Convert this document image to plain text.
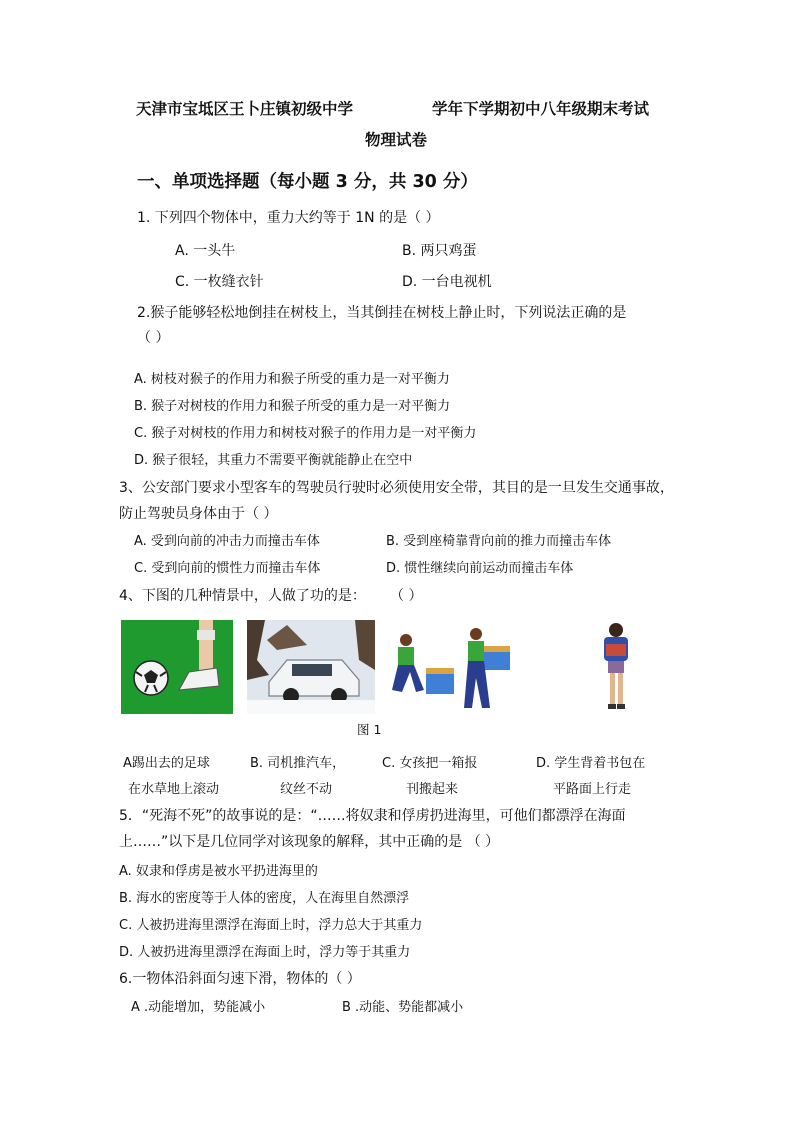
天津市宝坻区王卜庄镇初级中学	学年下学期初中八年级期末考试
物理试卷
一、单项选择题（每小题 3 分，共 30 分）
1. 下列四个物体中，重力大约等于 1N 的是（ ）
A. 一头牛	B. 两只鸡蛋
C. 一枚缝衣针	D. 一台电视机
2.猴子能够轻松地倒挂在树枝上，当其倒挂在树枝上静止时，下列说法正确的是
（ ）
A. 树枝对猴子的作用力和猴子所受的重力是一对平衡力
B. 猴子对树枝的作用力和猴子所受的重力是一对平衡力
C. 猴子对树枝的作用力和树枝对猴子的作用力是一对平衡力
D. 猴子很轻，其重力不需要平衡就能静止在空中
3、公安部门要求小型客车的驾驶员行驶时必须使用安全带，其目的是一旦发生交通事故，
防止驾驶员身体由于（ ）
A. 受到向前的冲击力而撞击车体	B. 受到座椅靠背向前的推力而撞击车体
C. 受到向前的惯性力而撞击车体	D. 惯性继续向前运动而撞击车体
4、下图的几种情景中，人做了功的是： （ ）
图 1
A踢出去的足球
在水草地上滚动
B. 司机推汽车，
纹丝不动
C. 女孩把一箱报
刊搬起来
D. 学生背着书包在
平路面上行走
5．“死海不死”的故事说的是：“……将奴隶和俘虏扔进海里，可他们都漂浮在海面
上……”以下是几位同学对该现象的解释，其中正确的是 （ ）
A. 奴隶和俘虏是被水平扔进海里的
B. 海水的密度等于人体的密度，人在海里自然漂浮
C. 人被扔进海里漂浮在海面上时，浮力总大于其重力
D. 人被扔进海里漂浮在海面上时，浮力等于其重力
6.一物体沿斜面匀速下滑，物体的（ ）
A .动能增加，势能减小	B .动能、势能都减小
